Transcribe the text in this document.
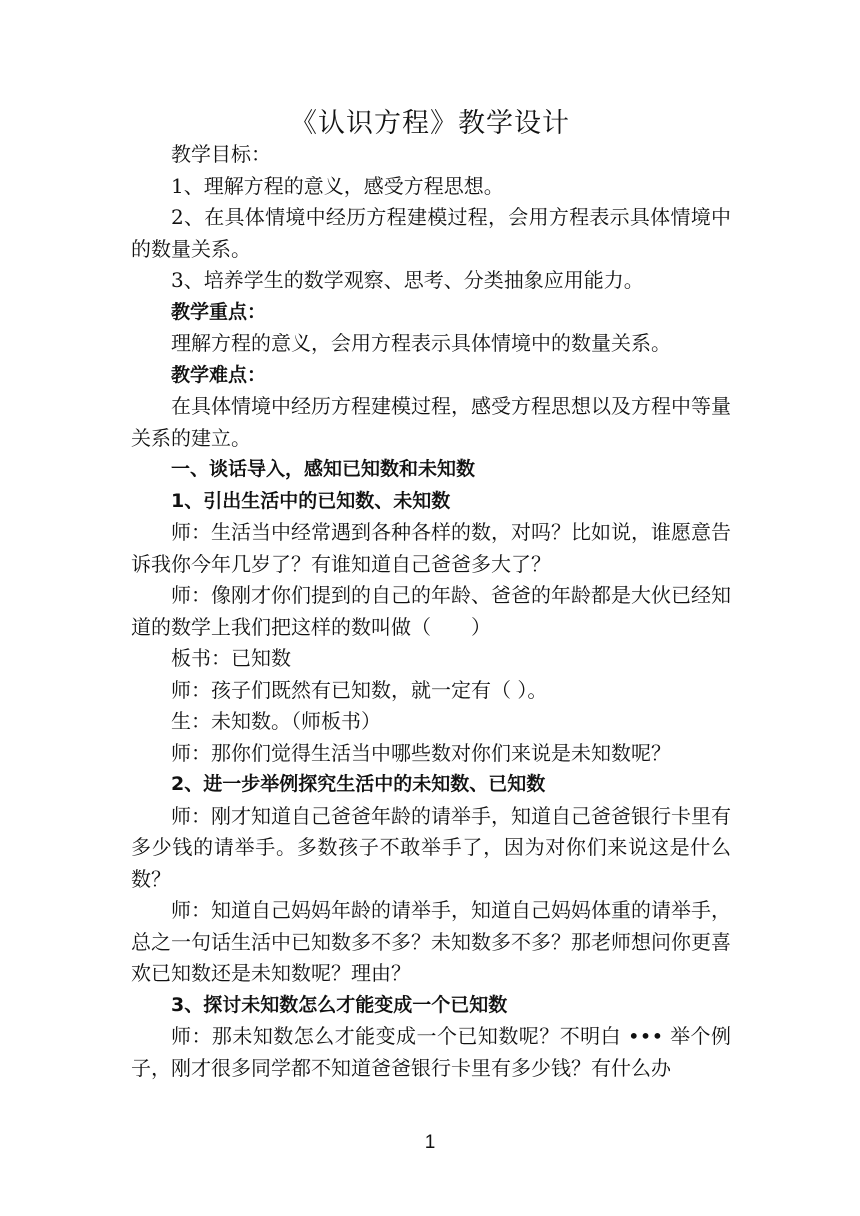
《认识方程》教学设计

教学目标：

1、理解方程的意义，感受方程思想。

2、在具体情境中经历方程建模过程，会用方程表示具体情境中的数量关系。

3、培养学生的数学观察、思考、分类抽象应用能力。

教学重点：

理解方程的意义，会用方程表示具体情境中的数量关系。

教学难点：

在具体情境中经历方程建模过程，感受方程思想以及方程中等量关系的建立。

一、谈话导入，感知已知数和未知数

1、引出生活中的已知数、未知数

师：生活当中经常遇到各种各样的数，对吗？比如说，谁愿意告诉我你今年几岁了？有谁知道自己爸爸多大了？

师：像刚才你们提到的自己的年龄、爸爸的年龄都是大伙已经知道的数学上我们把这样的数叫做（　　）

板书：已知数

师：孩子们既然有已知数，就一定有（ ）。

生：未知数。（师板书）

师：那你们觉得生活当中哪些数对你们来说是未知数呢？

2、进一步举例探究生活中的未知数、已知数

师：刚才知道自己爸爸年龄的请举手，知道自己爸爸银行卡里有多少钱的请举手。多数孩子不敢举手了，因为对你们来说这是什么数？

师：知道自己妈妈年龄的请举手，知道自己妈妈体重的请举手，总之一句话生活中已知数多不多？未知数多不多？那老师想问你更喜欢已知数还是未知数呢？理由？

3、探讨未知数怎么才能变成一个已知数

师：那未知数怎么才能变成一个已知数呢？不明白 ••• 举个例子，刚才很多同学都不知道爸爸银行卡里有多少钱？有什么办

1
